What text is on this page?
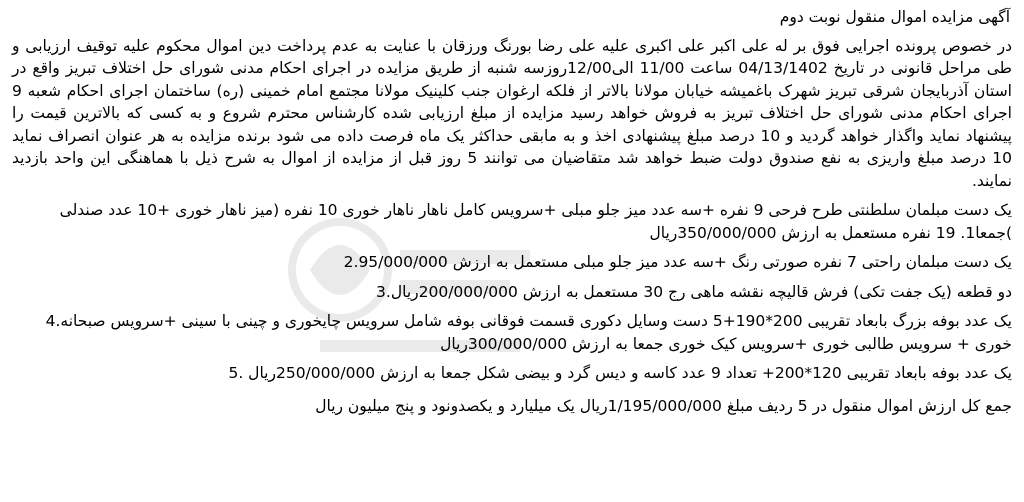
آگهی مزایده اموال منقول نوبت دوم

در خصوص پرونده اجرایی فوق بر له علی اکبر علی اکبری علیه علی رضا بورنگ ورزقان با عنایت به عدم پرداخت دین اموال محکوم علیه توقیف ارزیابی و طی مراحل قانونی در تاریخ 04/13/1402 ساعت 11/00 الی12/00روزسه شنبه از طریق مزایده در اجرای احکام مدنی شورای حل اختلاف تبریز واقع در استان آذربایجان شرقی تبریز شهرک باغمیشه خیابان مولانا بالاتر از فلکه ارغوان جنب کلینیک مولانا مجتمع امام خمینی (ره) ساختمان اجرای احکام شعبه 9 اجرای احکام مدنی شورای حل اختلاف تبریز به فروش خواهد رسید مزایده از مبلغ ارزیابی شده کارشناس محترم شروع و به کسی که بالاترین قیمت را پیشنهاد نماید واگذار خواهد گردید و 10 درصد مبلغ پیشنهادی اخذ و به مابقی حداکثر یک ماه فرصت داده می شود برنده مزایده به هر عنوان انصراف نماید 10 درصد مبلغ واریزی به نفع صندوق دولت ضبط خواهد شد متقاضیان می توانند 5 روز قبل از مزایده از اموال به شرح ذیل با هماهنگی این واحد بازدید نمایند.

یک دست مبلمان سلطنتی طرح فرحی 9 نفره +سه عدد میز جلو مبلی +سرویس کامل ناهار ناهار خوری 10 نفره (میز ناهار خوری +10 عدد صندلی )جمعا1. 19 نفره مستعمل به ارزش 350/000/000ریال

یک دست مبلمان راحتی 7 نفره صورتی رنگ +سه عدد میز جلو مبلی مستعمل به ارزش 2.95/000/000

دو قطعه (یک جفت تکی) فرش قالیچه نقشه ماهی رج 30 مستعمل به ارزش 200/000/000ریال.3

یک عدد بوفه بزرگ بابعاد تقریبی 200*190+5 دست وسایل دکوری قسمت فوقانی بوفه شامل سرویس چایخوری و چینی با سینی +سرویس صبحانه.4 خوری + سرویس طالبی خوری +سرویس کیک خوری جمعا به ارزش 300/000/000ریال

یک عدد بوفه بابعاد تقریبی 120*200+ تعداد 9 عدد کاسه و دیس گرد و بیضی شکل جمعا به ارزش 250/000/000ریال .5

جمع کل ارزش اموال منقول در 5 ردیف مبلغ 1/195/000/000ریال یک میلیارد و یکصدونود و پنج میلیون ریال
